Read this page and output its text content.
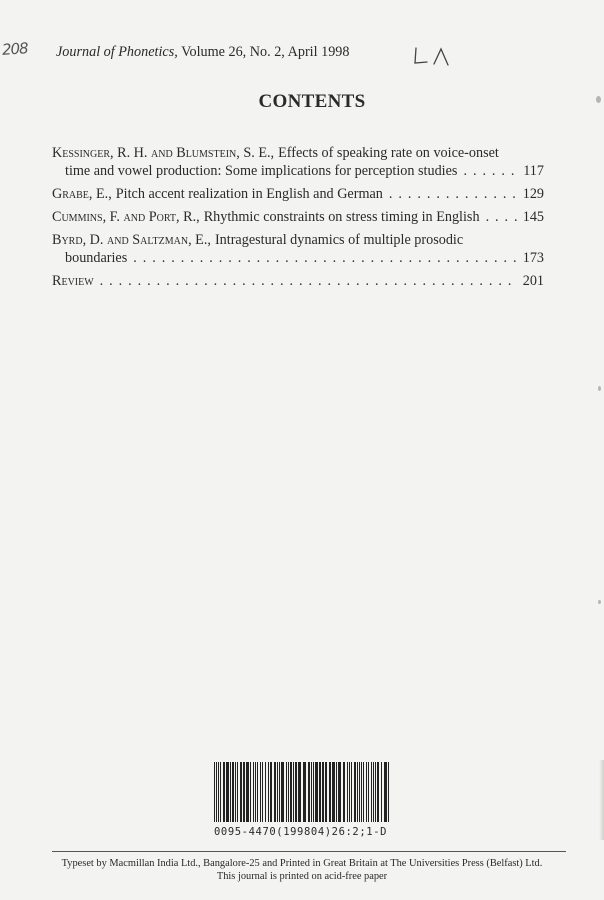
208 Journal of Phonetics, Volume 26, No. 2, April 1998
CONTENTS
Kessinger, R. H. and Blumstein, S. E., Effects of speaking rate on voice-onset
time and vowel production: Some implications for perception studies . . .	117
Grabe, E., Pitch accent realization in English and German . . .	129
Cummins, F. and Port, R., Rhythmic constraints on stress timing in English . . .	145
Byrd, D. and Saltzman, E., Intragestural dynamics of multiple prosodic
boundaries . . .	173
Review . . .	201
0095-4470(199804)26:2;1-D
Typeset by Macmillan India Ltd., Bangalore-25 and Printed in Great Britain at The Universities Press (Belfast) Ltd.
This journal is printed on acid-free paper
